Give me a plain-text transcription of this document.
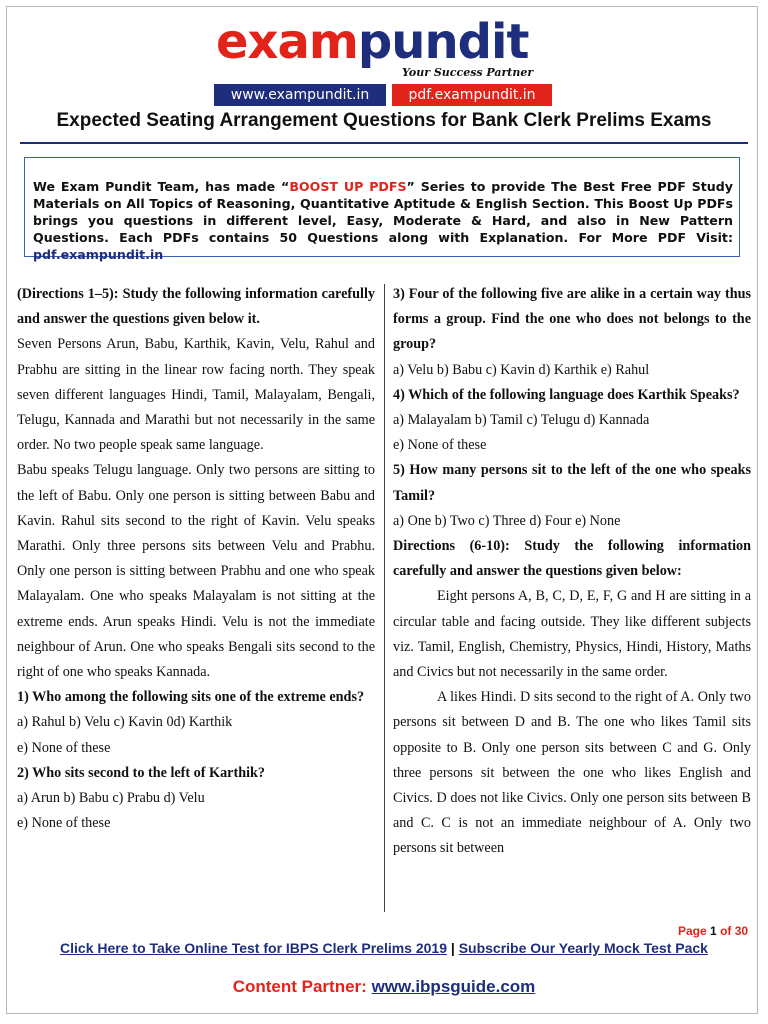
exampundit
Your Success Partner
www.exampundit.in	pdf.exampundit.in
Expected Seating Arrangement Questions for Bank Clerk Prelims Exams
We Exam Pundit Team, has made “BOOST UP PDFS” Series to provide The Best Free PDF Study Materials on All Topics of Reasoning, Quantitative Aptitude & English Section. This Boost Up PDFs brings you questions in different level, Easy, Moderate & Hard, and also in New Pattern Questions. Each PDFs contains 50 Questions along with Explanation. For More PDF Visit: pdf.exampundit.in

(Directions 1–5): Study the following information carefully and answer the questions given below it.

Seven Persons Arun, Babu, Karthik, Kavin, Velu, Rahul and Prabhu are sitting in the linear row facing north. They speak seven different languages Hindi, Tamil, Malayalam, Bengali, Telugu, Kannada and Marathi but not necessarily in the same order. No two people speak same language.

Babu speaks Telugu language. Only two persons are sitting to the left of Babu. Only one person is sitting between Babu and Kavin. Rahul sits second to the right of Kavin. Velu speaks Marathi. Only three persons sits between Velu and Prabhu. Only one person is sitting between Prabhu and one who speak Malayalam. One who speaks Malayalam is not sitting at the extreme ends. Arun speaks Hindi. Velu is not the immediate neighbour of Arun. One who speaks Bengali sits second to the right of one who speaks Kannada.

1) Who among the following sits one of the extreme ends?

a) Rahul b) Velu c) Kavin 0d) Karthik

e) None of these

2) Who sits second to the left of Karthik?

a) Arun b) Babu c) Prabu d) Velu

e) None of these

3) Four of the following five are alike in a certain way thus forms a group. Find the one who does not belongs to the group?

a) Velu b) Babu c) Kavin d) Karthik e) Rahul

4) Which of the following language does Karthik Speaks?

a) Malayalam b) Tamil c) Telugu d) Kannada

e) None of these

5) How many persons sit to the left of the one who speaks Tamil?

a) One b) Two c) Three d) Four e) None

Directions (6-10): Study the following information carefully and answer the questions given below:

Eight persons A, B, C, D, E, F, G and H are sitting in a circular table and facing outside. They like different subjects viz. Tamil, English, Chemistry, Physics, Hindi, History, Maths and Civics but not necessarily in the same order.

A likes Hindi. D sits second to the right of A. Only two persons sit between D and B. The one who likes Tamil sits opposite to B. Only one person sits between C and G. Only three persons sit between the one who likes English and Civics. D does not like Civics. Only one person sits between B and C. C is not an immediate neighbour of A. Only two persons sit between

Page 1 of 30
Click Here to Take Online Test for IBPS Clerk Prelims 2019 | Subscribe Our Yearly Mock Test Pack
Content Partner: www.ibpsguide.com
